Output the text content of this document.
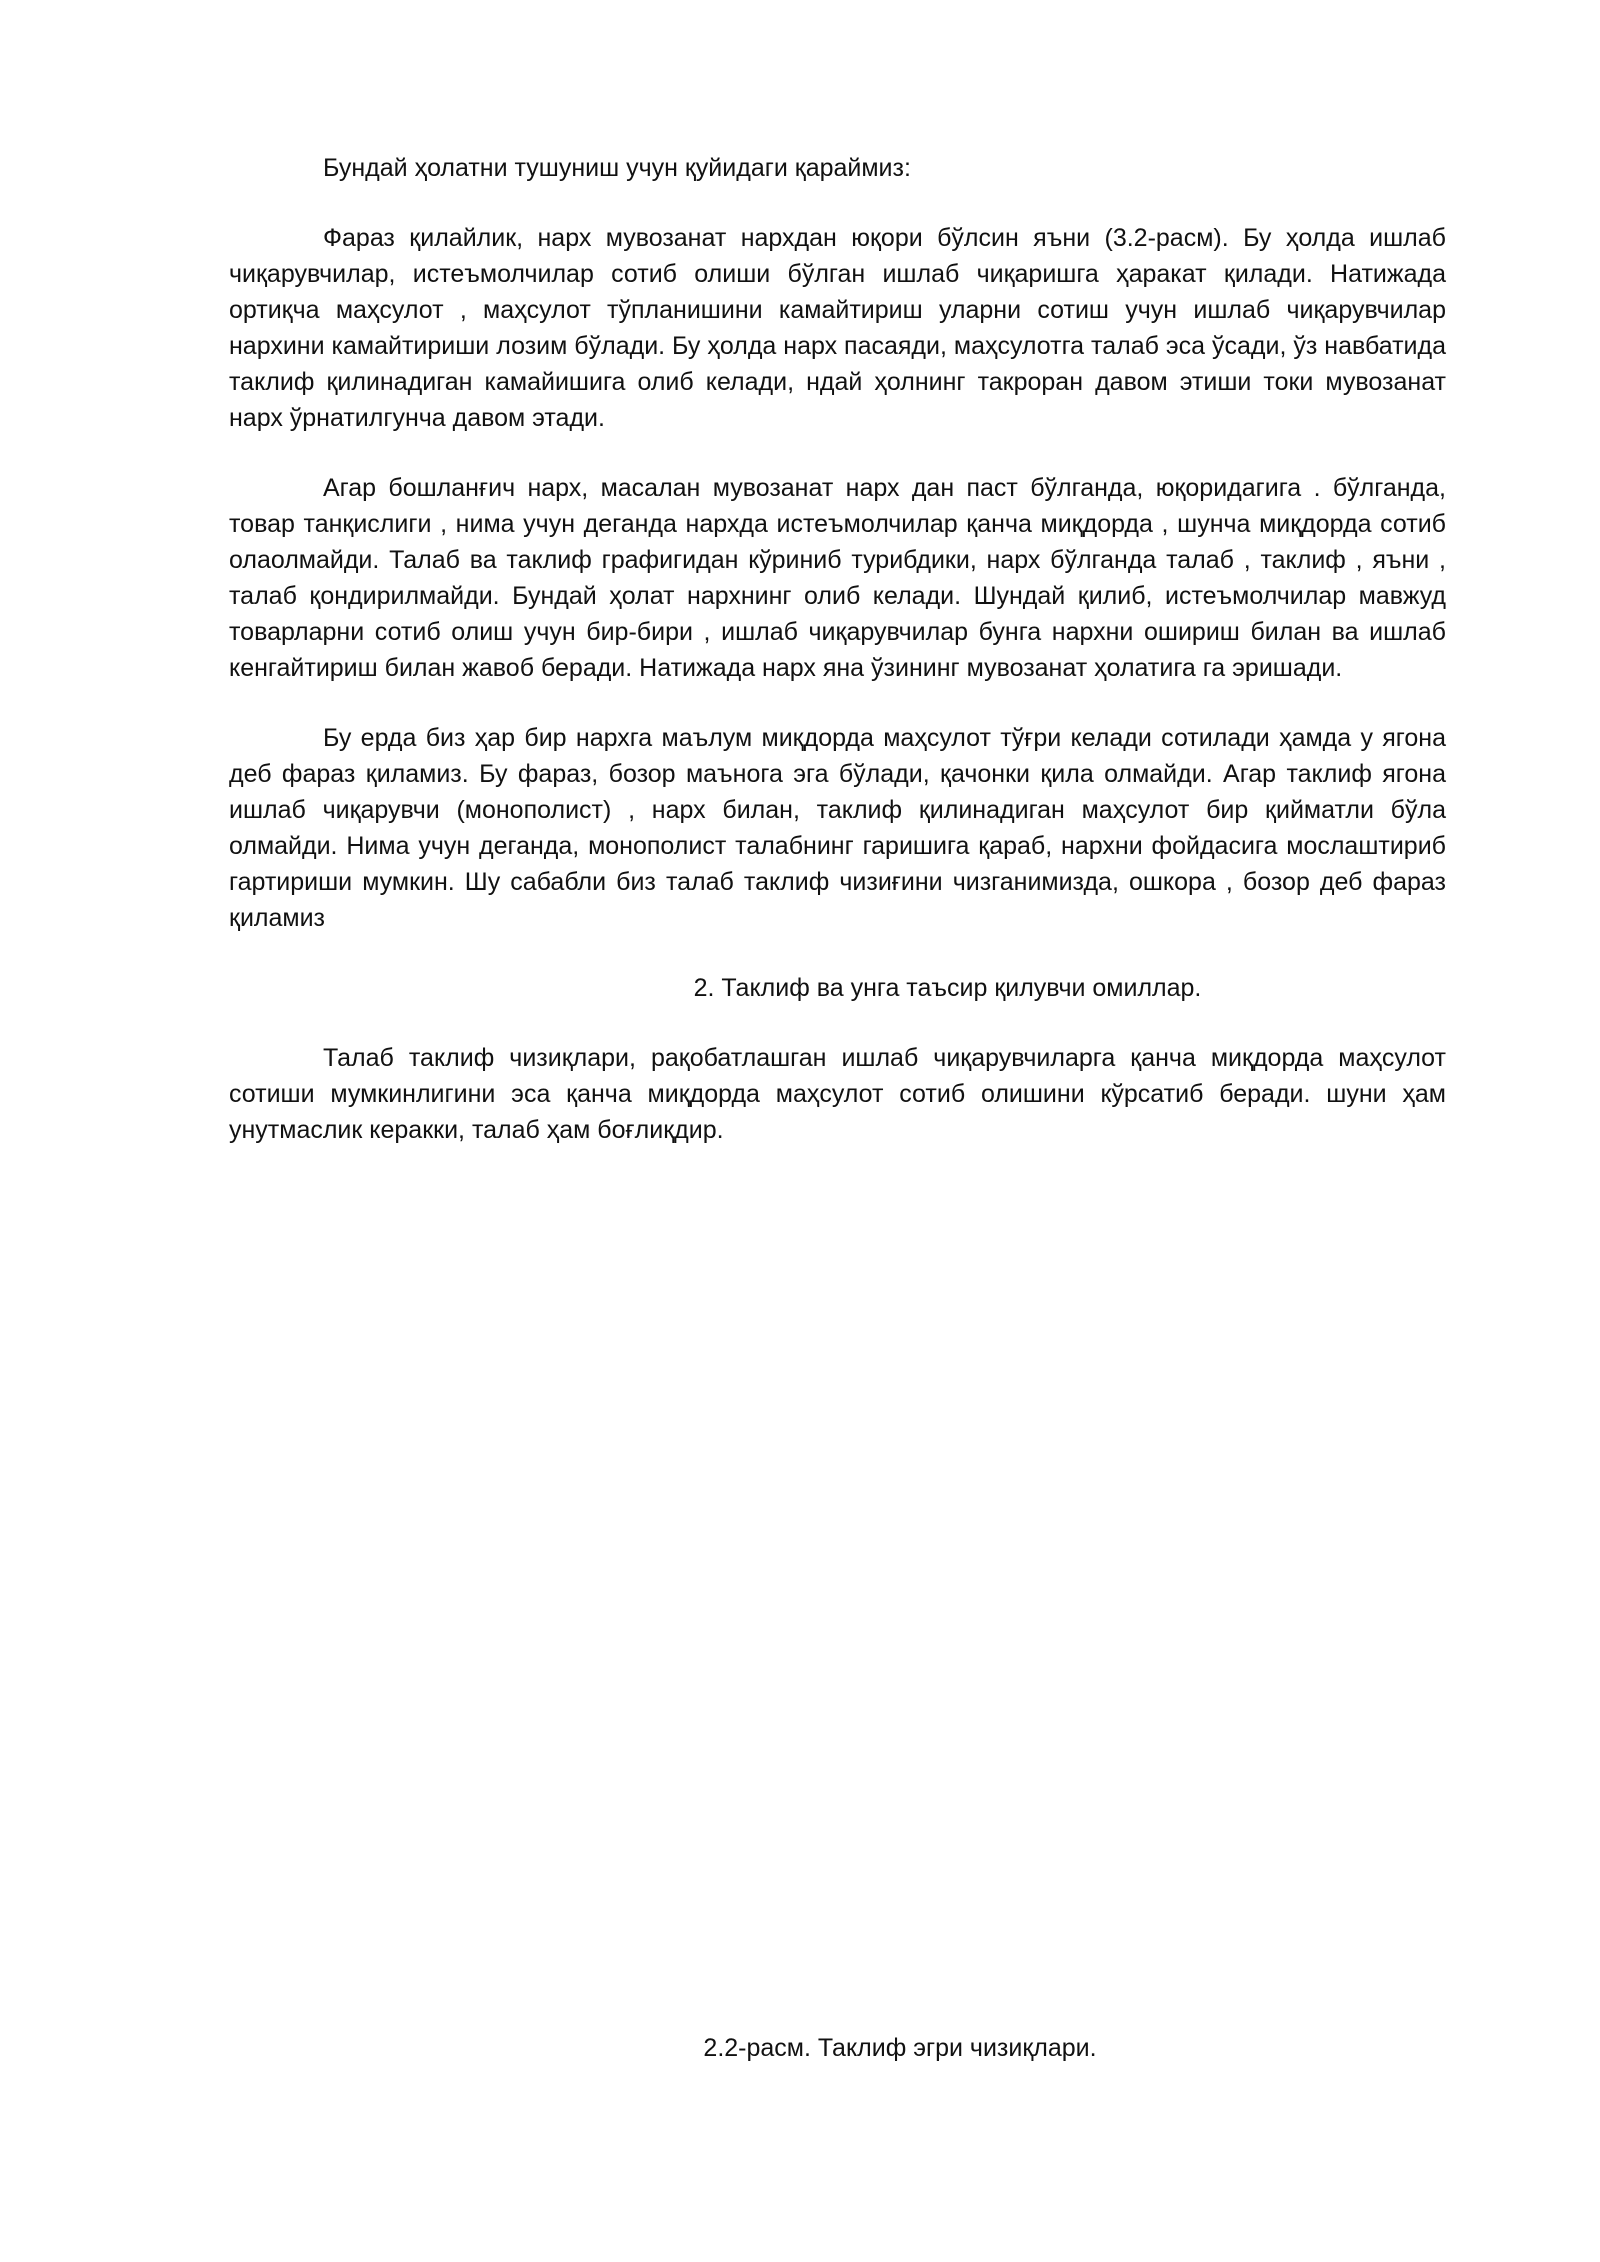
Бундай ҳолатни тушуниш учун қуйидаги қараймиз:

Фараз қилайлик, нарх мувозанат нархдан юқори бўлсин яъни (3.2-расм). Бу ҳолда ишлаб чиқарувчилар, истеъмолчилар сотиб олиши бўлган ишлаб чиқаришга ҳаракат қилади. Натижада ортиқча маҳсулот , маҳсулот тўпланишини камайтириш уларни сотиш учун ишлаб чиқарувчилар нархини камайтириши лозим бўлади. Бу ҳолда нарх пасаяди, маҳсулотга талаб эса ўсади, ўз навбатида таклиф қилинадиган камайишига олиб келади, ндай ҳолнинг такроран давом этиши токи мувозанат нарх ўрнатилгунча давом этади.

Агар бошланғич нарх, масалан мувозанат нарх дан паст бўлганда, юқоридагига . бўлганда, товар танқислиги , нима учун деганда нархда истеъмолчилар қанча миқдорда , шунча миқдорда сотиб олаолмайди. Талаб ва таклиф графигидан кўриниб турибдики, нарх бўлганда талаб , таклиф , яъни , талаб қондирилмайди. Бундай ҳолат нархнинг олиб келади. Шундай қилиб, истеъмолчилар мавжуд товарларни сотиб олиш учун бир-бири , ишлаб чиқарувчилар бунга нархни ошириш билан ва ишлаб кенгайтириш билан жавоб беради. Натижада нарх яна ўзининг мувозанат ҳолатига га эришади.

Бу ерда биз ҳар бир нархга маълум миқдорда маҳсулот тўғри келади сотилади ҳамда у ягона деб фараз қиламиз. Бу фараз, бозор маънога эга бўлади, қачонки қила олмайди. Агар таклиф ягона ишлаб чиқарувчи (монополист) , нарх билан, таклиф қилинадиган маҳсулот бир қийматли бўла олмайди. Нима учун деганда, монополист талабнинг гаришига қараб, нархни фойдасига мослаштириб гартириши мумкин. Шу сабабли биз талаб таклиф чизиғини чизганимизда, ошкора , бозор деб фараз қиламиз

2. Таклиф ва унга таъсир қилувчи омиллар.

Талаб таклиф чизиқлари, рақобатлашган ишлаб чиқарувчиларга қанча миқдорда маҳсулот сотиши мумкинлигини эса қанча миқдорда маҳсулот сотиб олишини кўрсатиб беради. шуни ҳам унутмаслик керакки, талаб ҳам боғлиқдир.

2.2-расм. Таклиф эгри чизиқлари.
